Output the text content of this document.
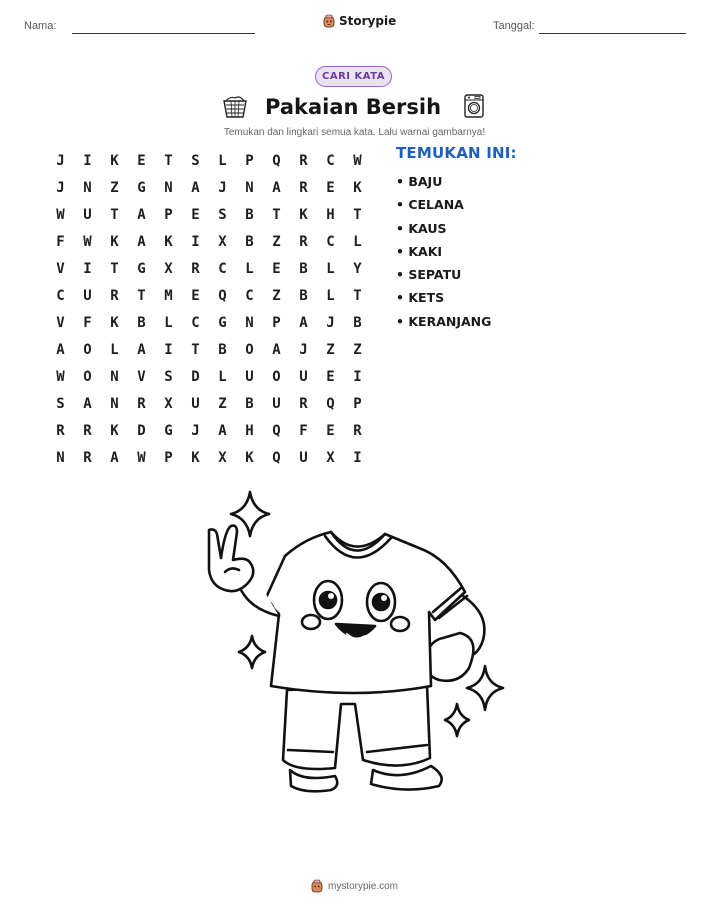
Nama:	Storypie	Tanggal:
CARI KATA
Pakaian Bersih
Temukan dan lingkari semua kata. Lalu warnai gambarnya!
J	I	K	E	T	S	L	P	Q	R	C	W
J	N	Z	G	N	A	J	N	A	R	E	K
W	U	T	A	P	E	S	B	T	K	H	T
F	W	K	A	K	I	X	B	Z	R	C	L
V	I	T	G	X	R	C	L	E	B	L	Y
C	U	R	T	M	E	Q	C	Z	B	L	T
V	F	K	B	L	C	G	N	P	A	J	B
A	O	L	A	I	T	B	O	A	J	Z	Z
W	O	N	V	S	D	L	U	O	U	E	I
S	A	N	R	X	U	Z	B	U	R	Q	P
R	R	K	D	G	J	A	H	Q	F	E	R
N	R	A	W	P	K	X	K	Q	U	X	I
TEMUKAN INI:
• BAJU
• CELANA
• KAUS
• KAKI
• SEPATU
• KETS
• KERANJANG
mystorypie.com
